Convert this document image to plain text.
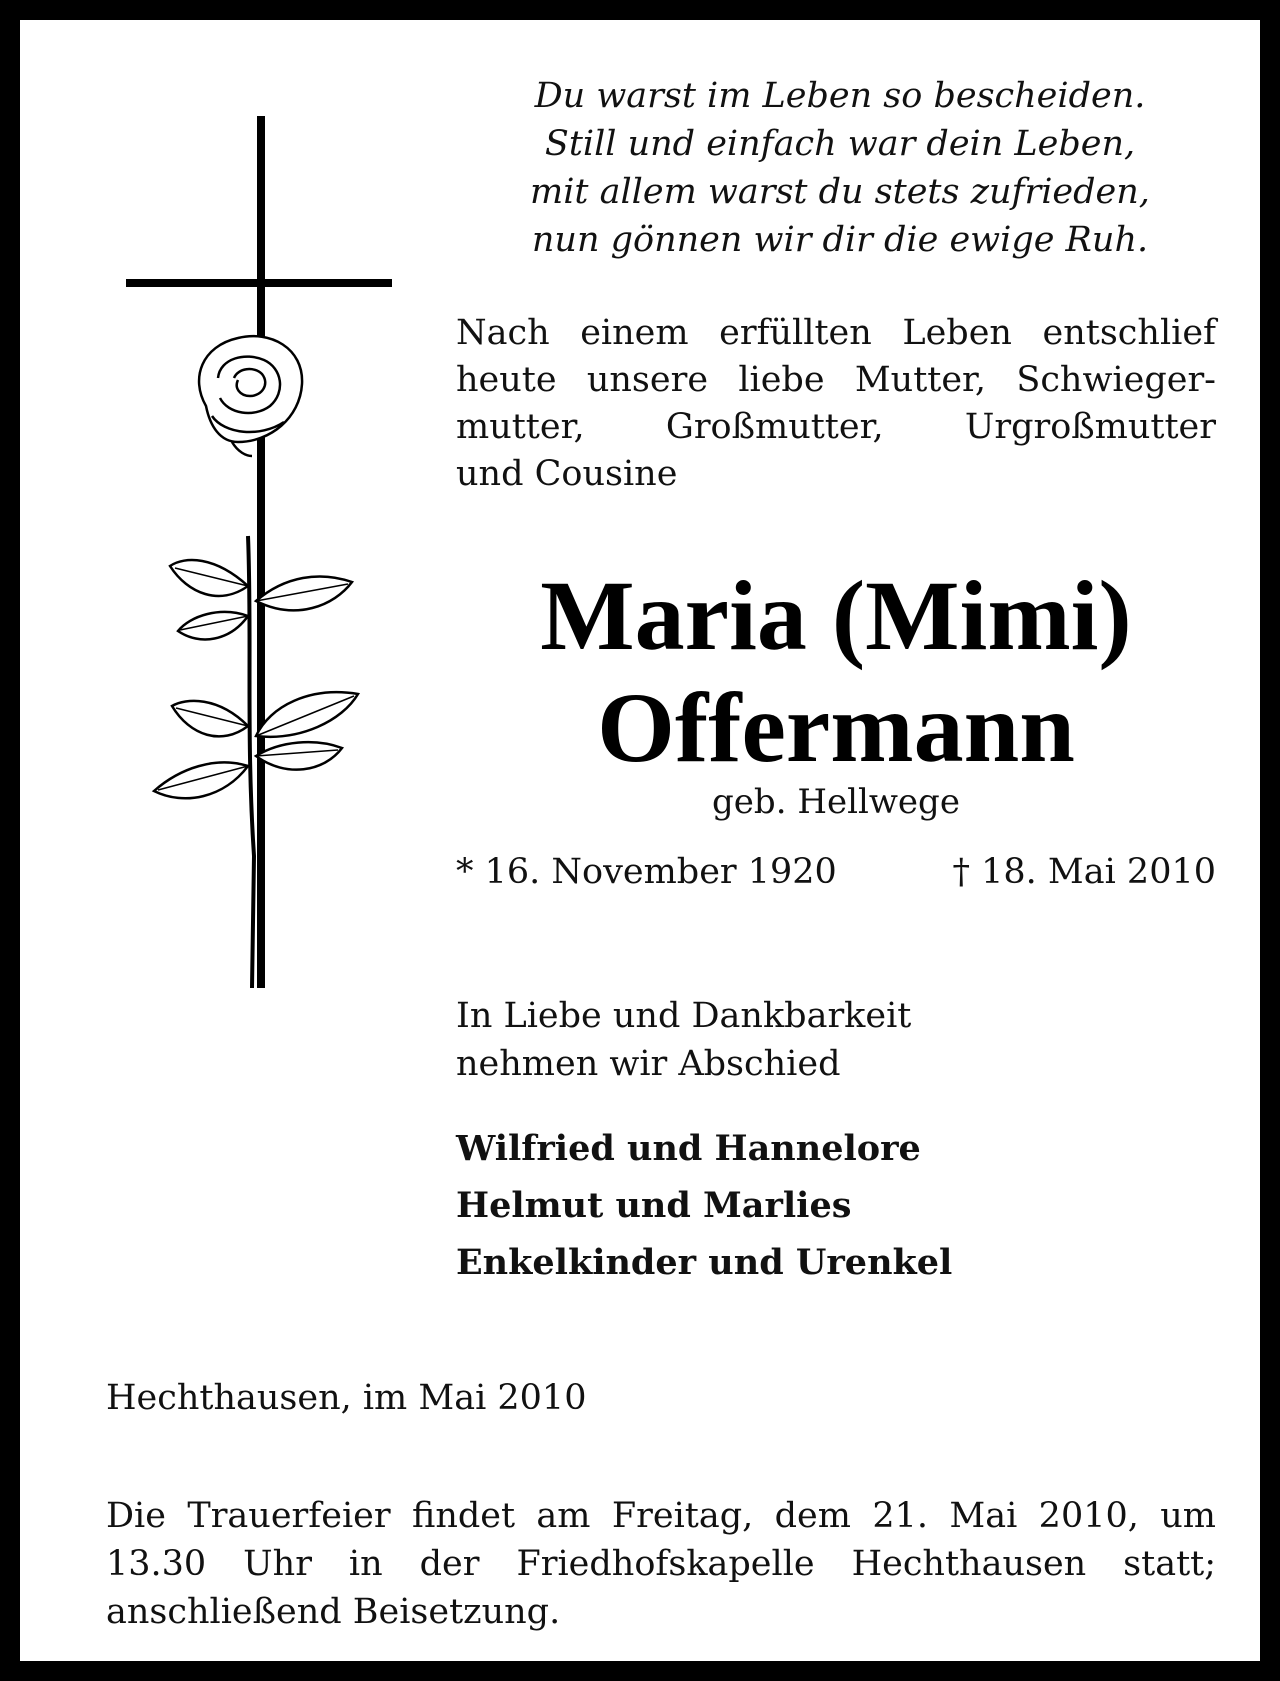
Du warst im Leben so bescheiden.
Still und einfach war dein Leben,
mit allem warst du stets zufrieden,
nun gönnen wir dir die ewige Ruh.
Nach einem erfüllten Leben entschlief
heute unsere liebe Mutter, Schwieger-
mutter, Großmutter, Urgroßmutter
und Cousine
Maria (Mimi)
Offermann
geb. Hellwege
* 16. November 1920	† 18. Mai 2010
In Liebe und Dankbarkeit
nehmen wir Abschied
Wilfried und Hannelore
Helmut und Marlies
Enkelkinder und Urenkel
Hechthausen, im Mai 2010
Die Trauerfeier findet am Freitag, dem 21. Mai 2010, um 13.30 Uhr in der Friedhofskapelle Hechthausen statt; anschließend Beisetzung.
